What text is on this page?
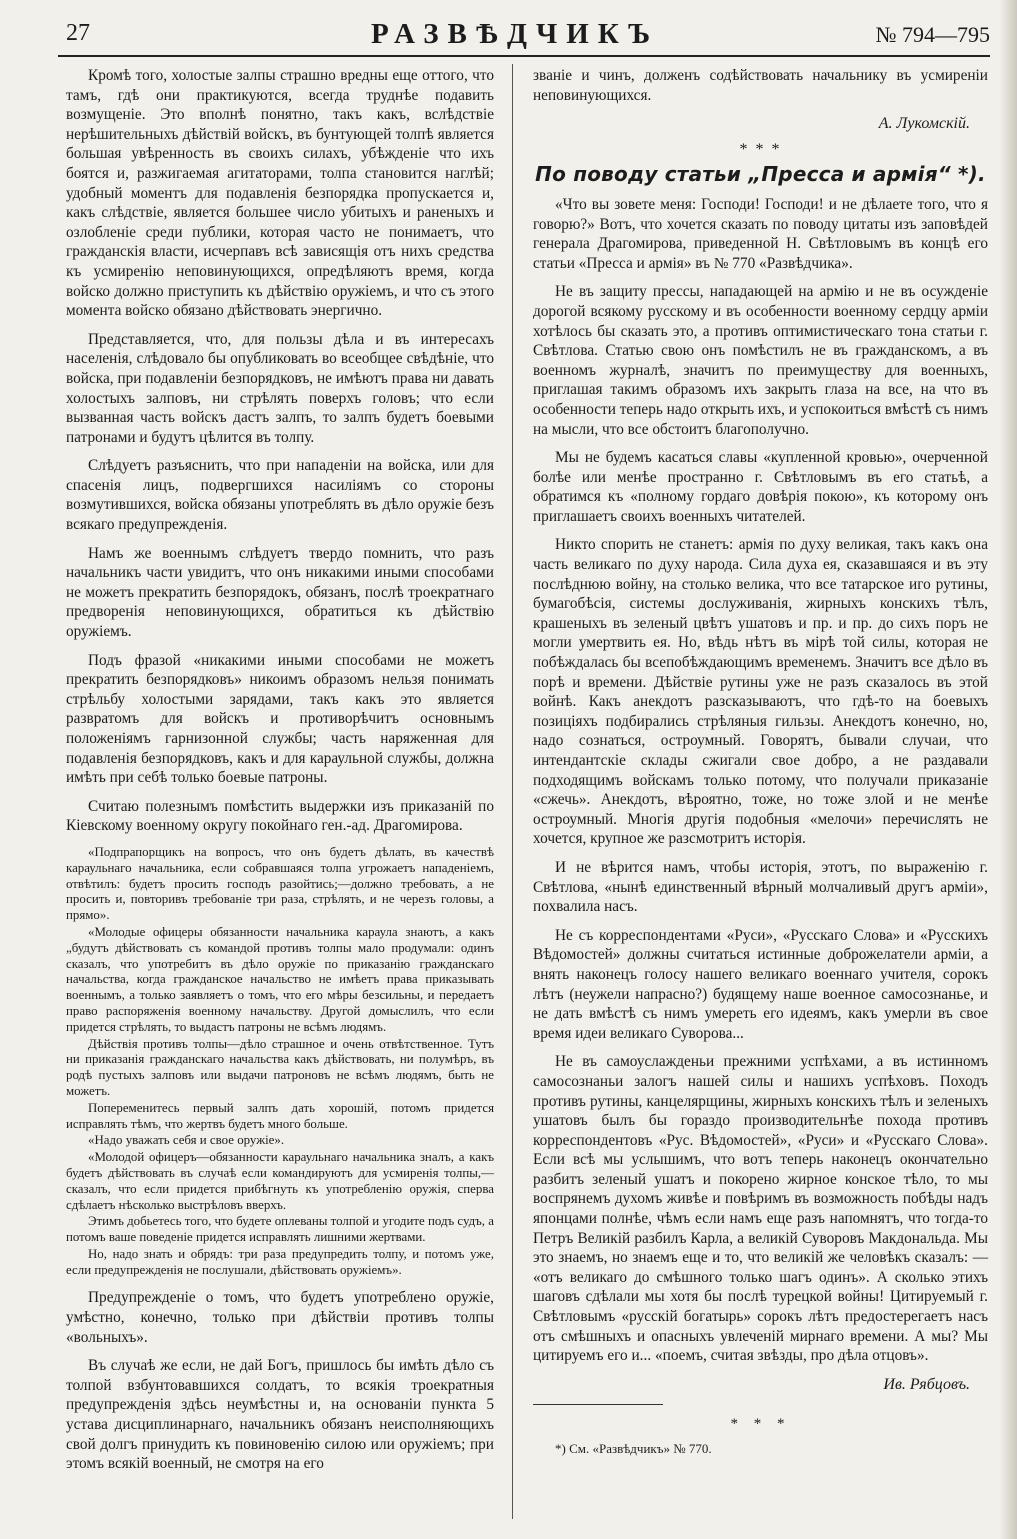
27	РАЗВѢДЧИКЪ	№ 794—795

Кромѣ того, холостые залпы страшно вредны еще оттого, что тамъ, гдѣ они практикуются, всегда труднѣе подавить возмущеніе. Это вполнѣ понятно, такъ какъ, вслѣдствіе нерѣшительныхъ дѣйствій войскъ, въ бунтующей толпѣ является большая увѣренность въ своихъ силахъ, убѣжденіе что ихъ боятся и, разжигаемая агитаторами, толпа становится наглѣй; удобный моментъ для подавленія безпорядка пропускается и, какъ слѣдствіе, является большее число убитыхъ и раненыхъ и озлобленіе среди публики, которая часто не понимаетъ, что гражданскія власти, исчерпавъ всѣ зависящія отъ нихъ средства къ усмиренію неповинующихся, опредѣляютъ время, когда войско должно приступить къ дѣйствію оружіемъ, и что съ этого момента войско обязано дѣйствовать энергично.

Представляется, что, для пользы дѣла и въ интересахъ населенія, слѣдовало бы опубликовать во всеобщее свѣдѣніе, что войска, при подавленіи безпорядковъ, не имѣютъ права ни давать холостыхъ залповъ, ни стрѣлять поверхъ головъ; что если вызванная часть войскъ дастъ залпъ, то залпъ будетъ боевыми патронами и будутъ цѣлится въ толпу.

Слѣдуетъ разъяснить, что при нападеніи на войска, или для спасенія лицъ, подвергшихся насиліямъ со стороны возмутившихся, войска обязаны употреблять въ дѣло оружіе безъ всякаго предупрежденія.

Намъ же военнымъ слѣдуетъ твердо помнить, что разъ начальникъ части увидитъ, что онъ никакими иными способами не можетъ прекратить безпорядокъ, обязанъ, послѣ троекратнаго предворенія неповинующихся, обратиться къ дѣйствію оружіемъ.

Подъ фразой «никакими иными способами не можетъ прекратить безпорядковъ» никоимъ образомъ нельзя понимать стрѣльбу холостыми зарядами, такъ какъ это является развратомъ для войскъ и противорѣчитъ основнымъ положеніямъ гарнизонной службы; часть наряженная для подавленія безпорядковъ, какъ и для караульной службы, должна имѣть при себѣ только боевые патроны.

Считаю полезнымъ помѣстить выдержки изъ приказаній по Кіевскому военному округу покойнаго ген.-ад. Драгомирова.

«Подпрапорщикъ на вопросъ, что онъ будетъ дѣлать, въ качествѣ караульнаго начальника, если собравшаяся толпа угрожаетъ нападеніемъ, отвѣтилъ: будетъ просить господъ разойтись;—должно требовать, а не просить и, повторивъ требованіе три раза, стрѣлять, и не черезъ головы, а прямо».

«Молодые офицеры обязанности начальника караула знаютъ, а какъ „будутъ дѣйствовать съ командой противъ толпы мало продумали: одинъ сказалъ, что употребитъ въ дѣло оружіе по приказанію гражданскаго начальства, когда гражданское начальство не имѣетъ права приказывать военнымъ, а только заявляетъ о томъ, что его мѣры безсильны, и передаетъ право распоряженія военному начальству. Другой домыслилъ, что если придется стрѣлять, то выдастъ патроны не всѣмъ людямъ.

Дѣйствія противъ толпы—дѣло страшное и очень отвѣтственное. Тутъ ни приказанія гражданскаго начальства какъ дѣйствовать, ни полумѣръ, въ родѣ пустыхъ залповъ или выдачи патроновъ не всѣмъ людямъ, быть не можетъ.

Попеременитесь первый залпъ дать хорошій, потомъ придется исправлять тѣмъ, что жертвъ будетъ много больше.

«Надо уважать себя и свое оружіе».

«Молодой офицеръ—обязанности караульнаго начальника зналъ, а какъ будетъ дѣйствовать въ случаѣ если командируютъ для усмиренія толпы,—сказалъ, что если придется прибѣгнуть къ употребленію оружія, сперва сдѣлаетъ нѣсколько выстрѣловъ вверхъ.

Этимъ добьетесь того, что будете оплеваны толпой и угодите подъ судъ, а потомъ ваше поведеніе придется исправлять лишними жертвами.

Но, надо знать и обрядъ: три раза предупредить толпу, и потомъ уже, если предупрежденія не послушали, дѣйствовать оружіемъ».

Предупрежденіе о томъ, что будетъ употреблено оружіе, умѣстно, конечно, только при дѣйствіи противъ толпы «вольныхъ».

Въ случаѣ же если, не дай Богъ, пришлось бы имѣть дѣло съ толпой взбунтовавшихся солдатъ, то всякія троекратныя предупрежденія здѣсь неумѣстны и, на основаніи пункта 5 устава дисциплинарнаго, начальникъ обязанъ неисполняющихъ свой долгъ принудить къ повиновенію силою или оружіемъ; при этомъ всякій военный, не смотря на его

званіе и чинъ, долженъ содѣйствовать начальнику въ усмиреніи неповинующихся.

А. Лукомскій.
* * *
По поводу статьи „Пресса и армія“ *).

«Что вы зовете меня: Господи! Господи! и не дѣлаете того, что я говорю?» Вотъ, что хочется сказать по поводу цитаты изъ заповѣдей генерала Драгомирова, приведенной Н. Свѣтловымъ въ концѣ его статьи «Пресса и армія» въ № 770 «Развѣдчика».

Не въ защиту прессы, нападающей на армію и не въ осужденіе дорогой всякому русскому и въ особенности военному сердцу арміи хотѣлось бы сказать это, а противъ оптимистическаго тона статьи г. Свѣтлова. Статью свою онъ помѣстилъ не въ гражданскомъ, а въ военномъ журналѣ, значитъ по преимуществу для военныхъ, приглашая такимъ образомъ ихъ закрыть глаза на все, на что въ особенности теперь надо открыть ихъ, и успокоиться вмѣстѣ съ нимъ на мысли, что все обстоитъ благополучно.

Мы не будемъ касаться славы «купленной кровью», очерченной болѣе или менѣе пространно г. Свѣтловымъ въ его статьѣ, а обратимся къ «полному гордаго довѣрія покою», къ которому онъ приглашаетъ своихъ военныхъ читателей.

Никто спорить не станетъ: армія по духу великая, такъ какъ она часть великаго по духу народа. Сила духа ея, сказавшаяся и въ эту послѣднюю войну, на столько велика, что все татарское иго рутины, бумагобѣсія, системы дослуживанія, жирныхъ конскихъ тѣлъ, крашеныхъ въ зеленый цвѣтъ ушатовъ и пр. и пр. до сихъ поръ не могли умертвить ея. Но, вѣдь нѣтъ въ мірѣ той силы, которая не побѣждалась бы всепобѣждающимъ временемъ. Значитъ все дѣло въ порѣ и времени. Дѣйствіе рутины уже не разъ сказалось въ этой войнѣ. Какъ анекдотъ разсказываютъ, что гдѣ-то на боевыхъ позиціяхъ подбирались стрѣляныя гильзы. Анекдотъ конечно, но, надо сознаться, остроумный. Говорятъ, бывали случаи, что интендантскіе склады сжигали свое добро, а не раздавали подходящимъ войскамъ только потому, что получали приказаніе «сжечь». Анекдотъ, вѣроятно, тоже, но тоже злой и не менѣе остроумный. Многія другія подобныя «мелочи» перечислять не хочется, крупное же разсмотритъ исторія.

И не вѣрится намъ, чтобы исторія, этотъ, по выраженію г. Свѣтлова, «нынѣ единственный вѣрный молчаливый другъ арміи», похвалила насъ.

Не съ корреспондентами «Руси», «Русскаго Слова» и «Русскихъ Вѣдомостей» должны считаться истинные доброжелатели арміи, а внять наконецъ голосу нашего великаго военнаго учителя, сорокъ лѣтъ (неужели напрасно?) будящему наше военное самосознанье, и не дать вмѣстѣ съ нимъ умереть его идеямъ, какъ умерли въ свое время идеи великаго Суворова...

Не въ самоуслажденьи прежними успѣхами, а въ истинномъ самосознаньи залогъ нашей силы и нашихъ успѣховъ. Походъ противъ рутины, канцелярщины, жирныхъ конскихъ тѣлъ и зеленыхъ ушатовъ былъ бы гораздо производительнѣе похода противъ корреспондентовъ «Рус. Вѣдомостей», «Руси» и «Русскаго Слова». Если всѣ мы услышимъ, что вотъ теперь наконецъ окончательно разбитъ зеленый ушатъ и покорено жирное конское тѣло, то мы воспрянемъ духомъ живѣе и повѣримъ въ возможность побѣды надъ японцами полнѣе, чѣмъ если намъ еще разъ напомнятъ, что тогда-то Петръ Великій разбилъ Карла, а великій Суворовъ Макдональда. Мы это знаемъ, но знаемъ еще и то, что великій же человѣкъ сказалъ: — «отъ великаго до смѣшного только шагъ одинъ». А сколько этихъ шаговъ сдѣлали мы хотя бы послѣ турецкой войны! Цитируемый г. Свѣтловымъ «русскій богатырь» сорокъ лѣтъ предостерегаетъ насъ отъ смѣшныхъ и опасныхъ увлеченій мирнаго времени. А мы? Мы цитируемъ его и... «поемъ, считая звѣзды, про дѣла отцовъ».

Ив. Рябцовъ.
* * *

*) См. «Развѣдчикъ» № 770.
